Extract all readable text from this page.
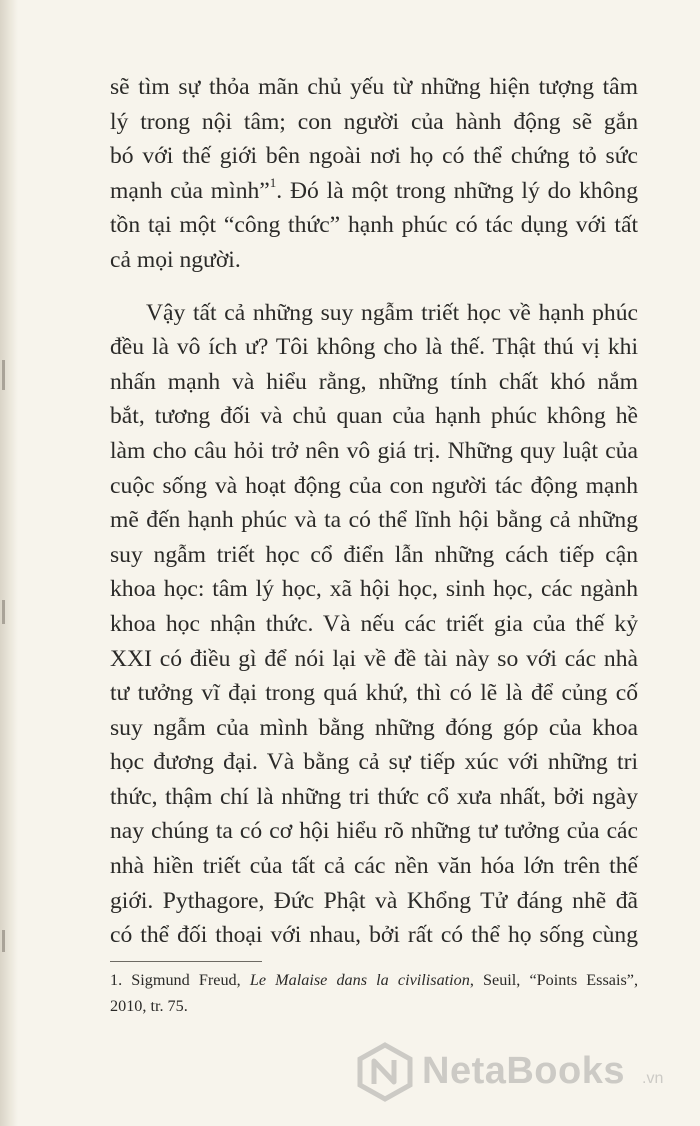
sẽ tìm sự thỏa mãn chủ yếu từ những hiện tượng tâm
lý trong nội tâm; con người của hành động sẽ gắn
bó với thế giới bên ngoài nơi họ có thể chứng tỏ sức
mạnh của mình”$^1$. Đó là một trong những lý do không
tồn tại một “công thức” hạnh phúc có tác dụng với tất
cả mọi người.
Vậy tất cả những suy ngẫm triết học về hạnh phúc
đều là vô ích ư? Tôi không cho là thế. Thật thú vị khi
nhấn mạnh và hiểu rằng, những tính chất khó nắm
bắt, tương đối và chủ quan của hạnh phúc không hề
làm cho câu hỏi trở nên vô giá trị. Những quy luật của
cuộc sống và hoạt động của con người tác động mạnh
mẽ đến hạnh phúc và ta có thể lĩnh hội bằng cả những
suy ngẫm triết học cổ điển lẫn những cách tiếp cận
khoa học: tâm lý học, xã hội học, sinh học, các ngành
khoa học nhận thức. Và nếu các triết gia của thế kỷ
XXI có điều gì để nói lại về đề tài này so với các nhà
tư tưởng vĩ đại trong quá khứ, thì có lẽ là để củng cố
suy ngẫm của mình bằng những đóng góp của khoa
học đương đại. Và bằng cả sự tiếp xúc với những tri
thức, thậm chí là những tri thức cổ xưa nhất, bởi ngày
nay chúng ta có cơ hội hiểu rõ những tư tưởng của các
nhà hiền triết của tất cả các nền văn hóa lớn trên thế
giới. Pythagore, Đức Phật và Khổng Tử đáng nhẽ đã
có thể đối thoại với nhau, bởi rất có thể họ sống cùng
1. Sigmund Freud, Le Malaise dans la civilisation, Seuil, “Points Essais”,
2010, tr. 75.
NetaBooks .vn
